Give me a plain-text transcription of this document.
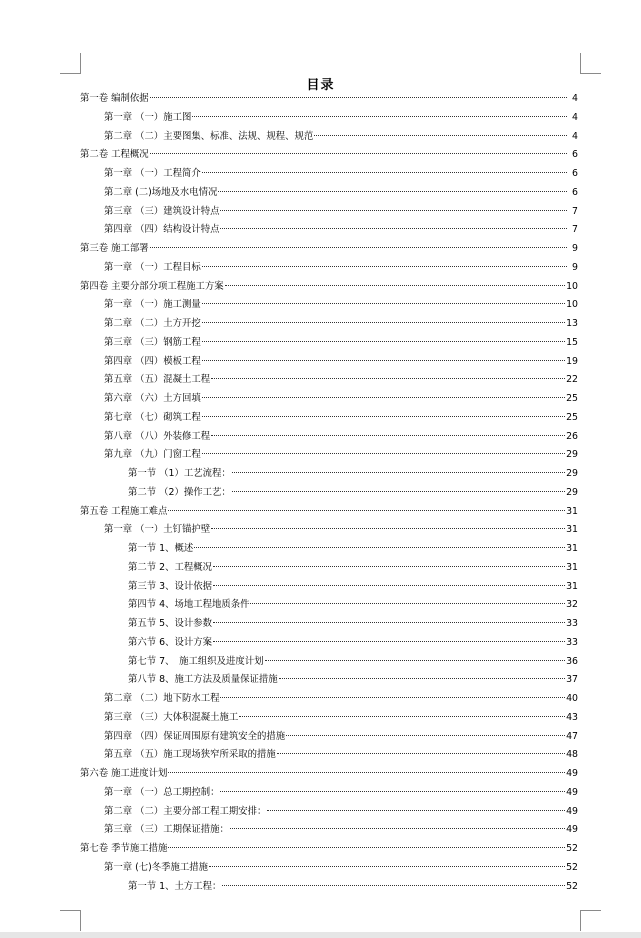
目录
第一卷 编制依据	4
第一章 （一）施工图	4
第二章 （二）主要图集、标准、法规、规程、规范	4
第二卷 工程概况	6
第一章 （一）工程简介	6
第二章 (二)场地及水电情况	6
第三章 （三）建筑设计特点	7
第四章 （四）结构设计特点	7
第三卷 施工部署	9
第一章 （一）工程目标	9
第四卷 主要分部分项工程施工方案	10
第一章 （一）施工测量	10
第二章 （二）土方开挖	13
第三章 （三）钢筋工程	15
第四章 （四）模板工程	19
第五章 （五）混凝土工程	22
第六章 （六）土方回填	25
第七章 （七）砌筑工程	25
第八章 （八）外装修工程	26
第九章 （九）门窗工程	29
第一节 （1）工艺流程：	29
第二节 （2）操作工艺：	29
第五卷 工程施工难点	31
第一章 （一）土钉锚护壁	31
第一节 1、概述	31
第二节 2、工程概况	31
第三节 3、设计依据	31
第四节 4、场地工程地质条件	32
第五节 5、设计参数	33
第六节 6、设计方案	33
第七节 7、　施工组织及进度计划	36
第八节 8、施工方法及质量保证措施	37
第二章 （二）地下防水工程	40
第三章 （三）大体积混凝土施工	43
第四章 （四）保证周围原有建筑安全的措施	47
第五章 （五）施工现场狭窄所采取的措施	48
第六卷 施工进度计划	49
第一章 （一）总工期控制：	49
第二章 （二）主要分部工程工期安排：	49
第三章 （三）工期保证措施：	49
第七卷 季节施工措施	52
第一章 (七)冬季施工措施	52
第一节 1、土方工程：	52
